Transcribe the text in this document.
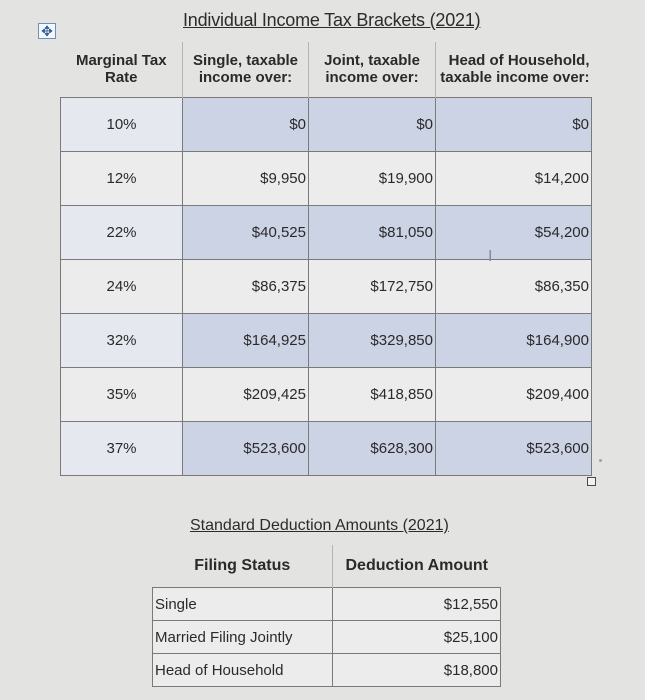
✥
Individual Income Tax Brackets (2021)
Marginal Tax Rate	Single, taxable income over:	Joint, taxable income over:	Head of Household, taxable income over:
10%	$0	$0	$0
12%	$9,950	$19,900	$14,200
22%	$40,525	$81,050	$54,200
24%	$86,375	$172,750	$86,350
32%	$164,925	$329,850	$164,900
35%	$209,425	$418,850	$209,400
37%	$523,600	$628,300	$523,600
I
Standard Deduction Amounts (2021)
Filing Status	Deduction Amount
Single	$12,550
Married Filing Jointly	$25,100
Head of Household	$18,800
